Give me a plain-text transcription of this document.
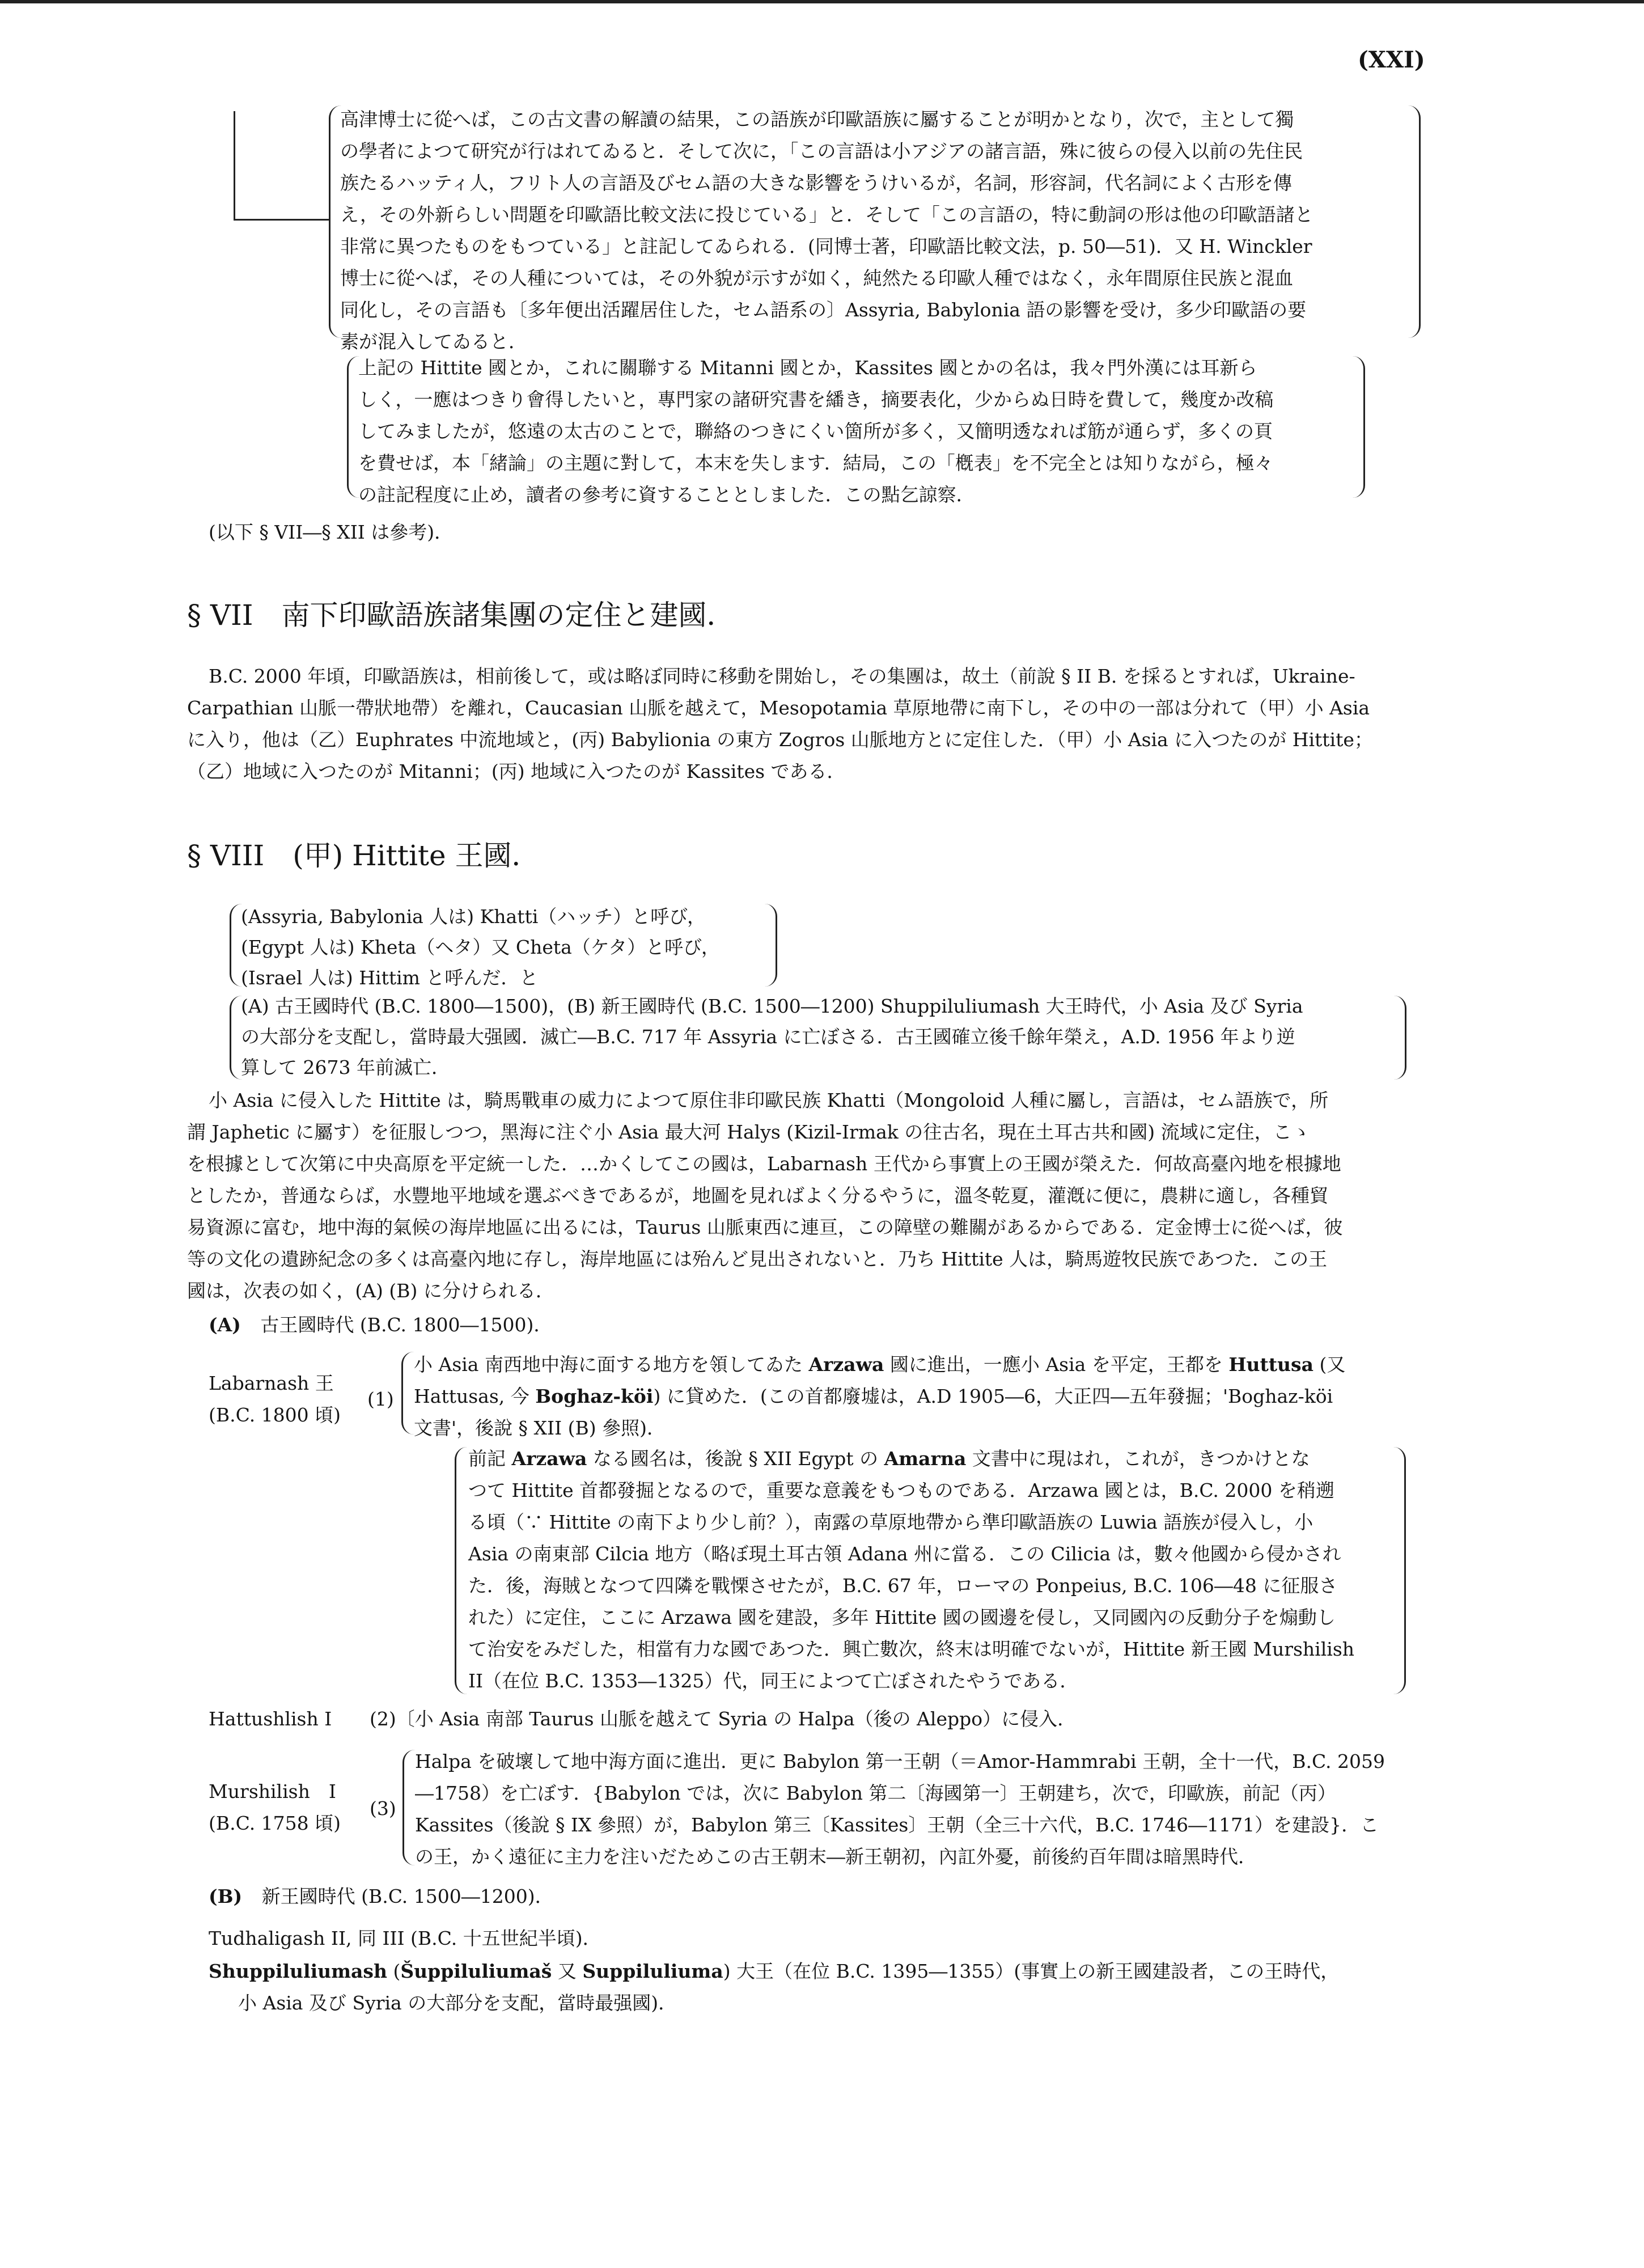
(XXI)
高津博士に從へば，この古文書の解讀の結果，この語族が印歐語族に屬することが明かとなり，次で，主として獨
の學者によつて研究が行はれてゐると．そして次に，「この言語は小アジアの諸言語，殊に彼らの侵入以前の先住民
族たるハッティ人，フリト人の言語及びセム語の大きな影響をうけいるが，名詞，形容詞，代名詞によく古形を傳
え，その外新らしい問題を印歐語比較文法に投じている」と．そして「この言語の，特に動詞の形は他の印歐語諸と
非常に異つたものをもつている」と註記してゐられる．(同博士著，印歐語比較文法，p. 50―51)．又 H. Winckler
博士に從へば，その人種については，その外貌が示すが如く，純然たる印歐人種ではなく，永年間原住民族と混血
同化し，その言語も〔多年便出活躍居住した，セム語系の〕Assyria, Babylonia 語の影響を受け，多少印歐語の要
素が混入してゐると．
上記の Hittite 國とか，これに關聯する Mitanni 國とか，Kassites 國とかの名は，我々門外漢には耳新ら
しく，一應はつきり會得したいと，專門家の諸研究書を繙き，摘要表化，少からぬ日時を費して，幾度か改稿
してみましたが，悠遠の太古のことで，聯絡のつきにくい箇所が多く，又簡明透なれば筋が通らず，多くの頁
を費せば，本「緒論」の主題に對して，本末を失します．結局，この「槪表」を不完全とは知りながら，極々
の註記程度に止め，讀者の參考に資することとしました．この點乞諒察．
(以下 § VII―§ XII は參考)．
§ VII　南下印歐語族諸集團の定住と建國．
B.C. 2000 年頃，印歐語族は，相前後して，或は略ぼ同時に移動を開始し，その集團は，故土（前說 § II B. を採るとすれば，Ukraine-
Carpathian 山脈一帶狀地帶）を離れ，Caucasian 山脈を越えて，Mesopotamia 草原地帶に南下し，その中の一部は分れて（甲）小 Asia
に入り，他は（乙）Euphrates 中流地域と，(丙) Babylionia の東方 Zogros 山脈地方とに定住した．（甲）小 Asia に入つたのが Hittite；
（乙）地域に入つたのが Mitanni；(丙) 地域に入つたのが Kassites である．
§ VIII　(甲) Hittite 王國．
(Assyria, Babylonia 人は) Khatti（ハッチ）と呼び，
(Egypt 人は) Kheta（ヘタ）又 Cheta（ケタ）と呼び，
(Israel 人は) Hittim と呼んだ．と
(A) 古王國時代 (B.C. 1800―1500)，(B) 新王國時代 (B.C. 1500―1200) Shuppiluliumash 大王時代，小 Asia 及び Syria
の大部分を支配し，當時最大强國．滅亡―B.C. 717 年 Assyria に亡ぼさる．古王國確立後千餘年榮え，A.D. 1956 年より逆
算して 2673 年前滅亡．
小 Asia に侵入した Hittite は，騎馬戰車の威力によつて原住非印歐民族 Khatti（Mongoloid 人種に屬し，言語は，セム語族で，所
謂 Japhetic に屬す）を征服しつつ，黑海に注ぐ小 Asia 最大河 Halys (Kizil-Irmak の往古名，現在土耳古共和國) 流域に定住，こゝ
を根據として次第に中央高原を平定統一した．…かくしてこの國は，Labarnash 王代から事實上の王國が榮えた．何故高臺內地を根據地
としたか，普通ならば，水豐地平地域を選ぶべきであるが，地圖を見ればよく分るやうに，溫冬乾夏，灌漑に便に，農耕に適し，各種貿
易資源に富む，地中海的氣候の海岸地區に出るには，Taurus 山脈東西に連亘，この障壁の難關があるからである．定金博士に從へば，彼
等の文化の遺跡紀念の多くは高臺內地に存し，海岸地區には殆んど見出されないと．乃ち Hittite 人は，騎馬遊牧民族であつた．この王
國は，次表の如く，(A) (B) に分けられる．
(A) 古王國時代 (B.C. 1800―1500)．
Labarnash 王
(B.C. 1800 頃)
(1)
小 Asia 南西地中海に面する地方を領してゐた Arzawa 國に進出，一應小 Asia を平定，王都を Huttusa (又
Hattusas, 今 Boghaz-köi) に貸めた．(この首都廢墟は，A.D 1905―6，大正四―五年發掘；'Boghaz-köi
文書'，後說 § XII (B) 參照)．
前記 Arzawa なる國名は，後說 § XII Egypt の Amarna 文書中に現はれ，これが，きつかけとな
つて Hittite 首都發掘となるので，重要な意義をもつものである．Arzawa 國とは，B.C. 2000 を稍遡
る頃（∵ Hittite の南下より少し前？），南露の草原地帶から準印歐語族の Luwia 語族が侵入し，小
Asia の南東部 Cilcia 地方（略ぼ現土耳古領 Adana 州に當る．この Cilicia は，數々他國から侵かされ
た．後，海賊となつて四隣を戰慄させたが，B.C. 67 年，ローマの Ponpeius, B.C. 106―48 に征服さ
れた）に定住，ここに Arzawa 國を建設，多年 Hittite 國の國邊を侵し，又同國內の反動分子を煽動し
て治安をみだした，相當有力な國であつた．興亡數次，終末は明確でないが，Hittite 新王國 Murshilish
II（在位 B.C. 1353―1325）代，同王によつて亡ぼされたやうである．
Hattushlish I (2)〔小 Asia 南部 Taurus 山脈を越えて Syria の Halpa（後の Aleppo）に侵入．
Murshilish　I
(B.C. 1758 頃)
(3)
Halpa を破壞して地中海方面に進出．更に Babylon 第一王朝（＝Amor-Hammrabi 王朝，全十一代，B.C. 2059
―1758）を亡ぼす．{Babylon では，次に Babylon 第二〔海國第一〕王朝建ち，次で，印歐族，前記（丙）
Kassites（後說 § IX 參照）が，Babylon 第三〔Kassites〕王朝（全三十六代，B.C. 1746―1171）を建設}．こ
の王，かく遠征に主力を注いだためこの古王朝末―新王朝初，內訌外憂，前後約百年間は暗黑時代．
(B) 新王國時代 (B.C. 1500―1200)．
Tudhaligash II, 同 III (B.C. 十五世紀半頃)．
Shuppiluliumash (Šuppiluliumaš 又 Suppiluliuma) 大王（在位 B.C. 1395―1355）(事實上の新王國建設者，この王時代，
小 Asia 及び Syria の大部分を支配，當時最强國)．
